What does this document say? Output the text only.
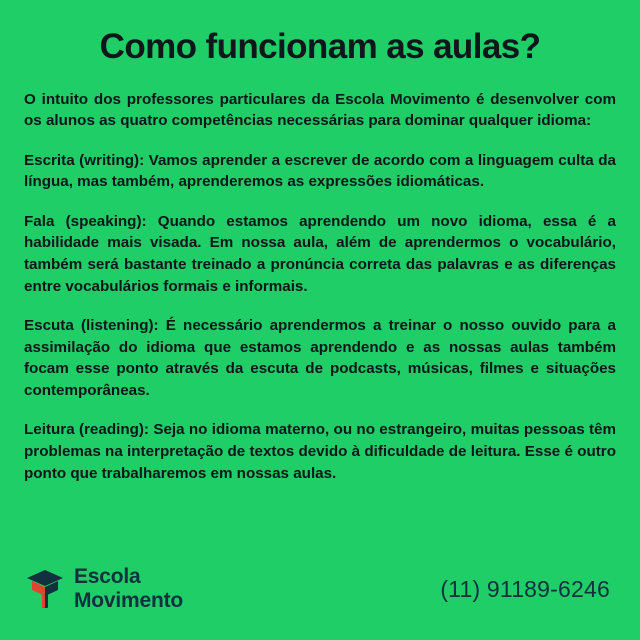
Como funcionam as aulas?

O intuito dos professores particulares da Escola Movimento é desenvolver com os alunos as quatro competências necessárias para dominar qualquer idioma:

Escrita (writing): Vamos aprender a escrever de acordo com a linguagem culta da língua, mas também, aprenderemos as expressões idiomáticas.

Fala (speaking): Quando estamos aprendendo um novo idioma, essa é a habilidade mais visada. Em nossa aula, além de aprendermos o vocabulário, também será bastante treinado a pronúncia correta das palavras e as diferenças entre vocabulários formais e informais.

Escuta (listening): É necessário aprendermos a treinar o nosso ouvido para a assimilação do idioma que estamos aprendendo e as nossas aulas também focam esse ponto através da escuta de podcasts, músicas, filmes e situações contemporâneas.

Leitura (reading): Seja no idioma materno, ou no estrangeiro, muitas pessoas têm problemas na interpretação de textos devido à dificuldade de leitura. Esse é outro ponto que trabalharemos em nossas aulas.

Escola
Movimento	(11) 91189-6246
